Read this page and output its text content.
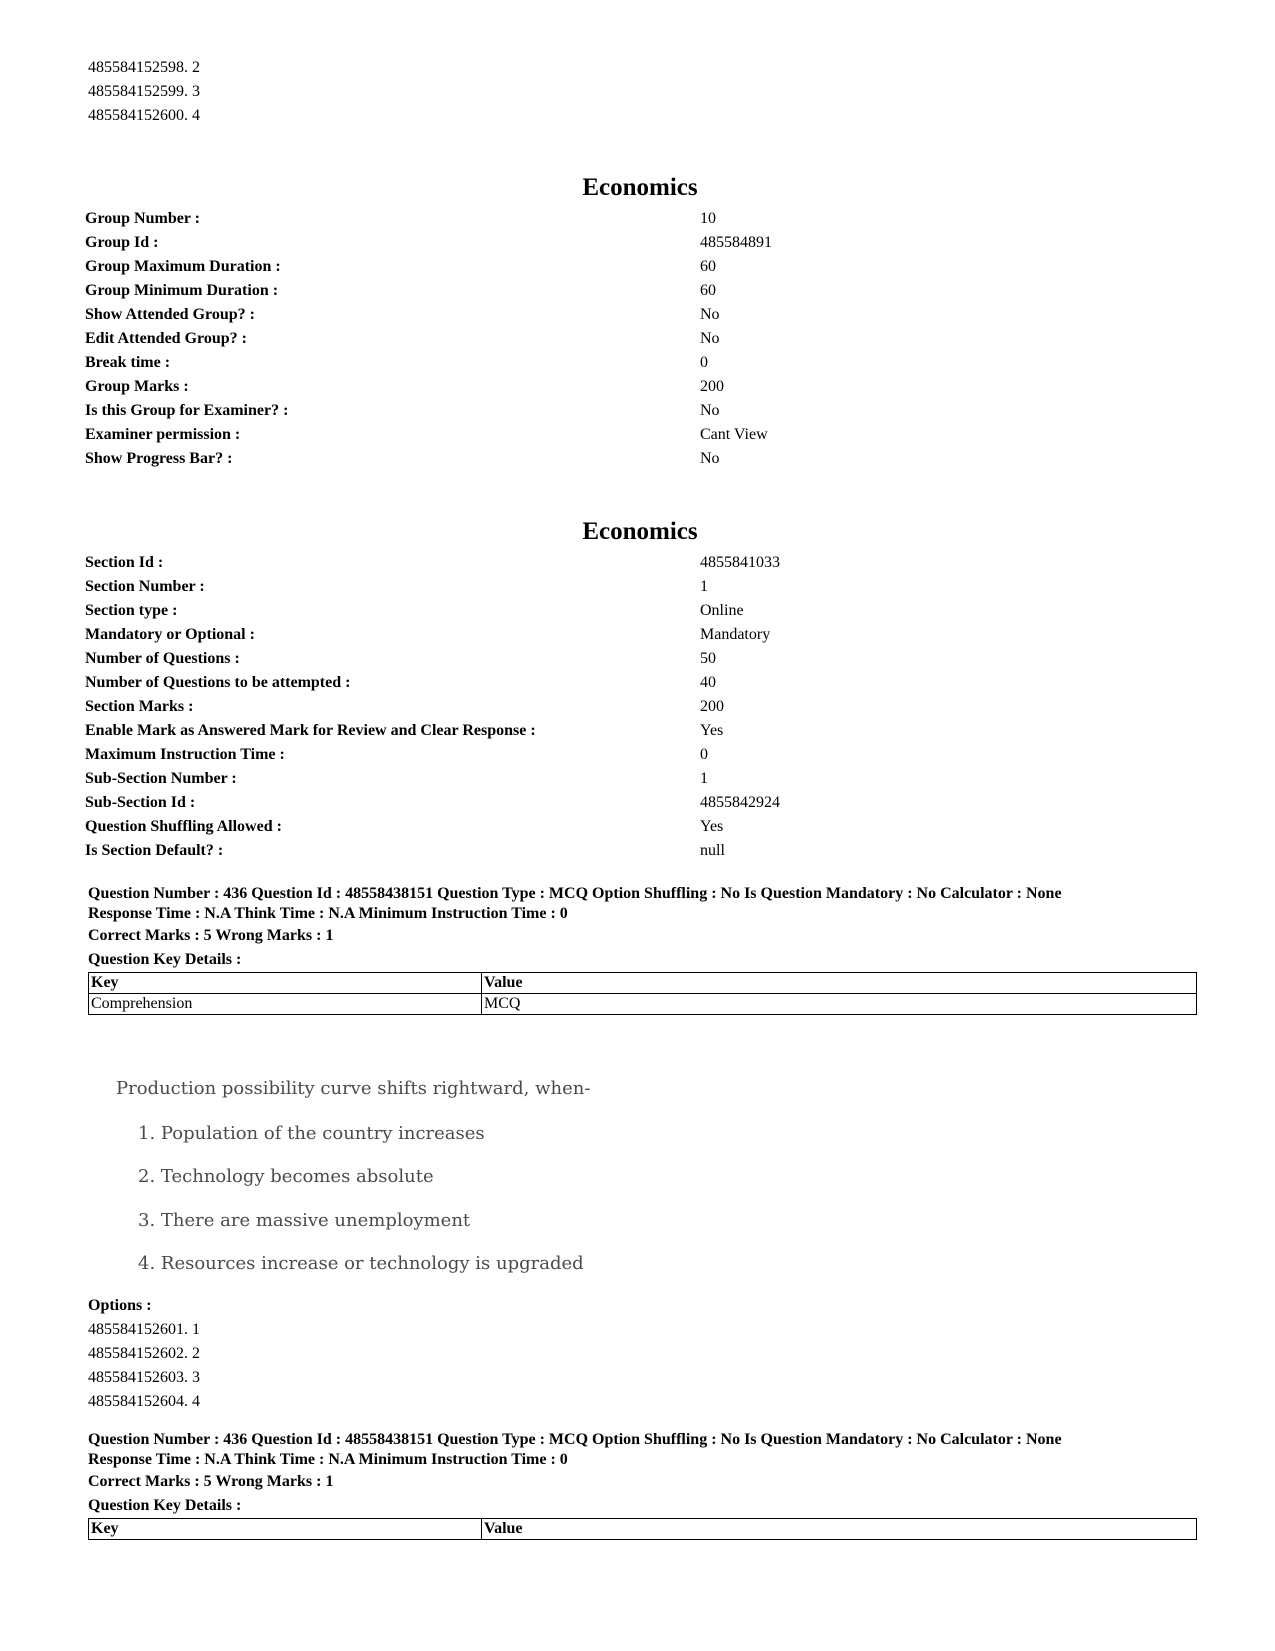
485584152598. 2
485584152599. 3
485584152600. 4
Economics
Group Number :	10
Group Id :	485584891
Group Maximum Duration :	60
Group Minimum Duration :	60
Show Attended Group? :	No
Edit Attended Group? :	No
Break time :	0
Group Marks :	200
Is this Group for Examiner? :	No
Examiner permission :	Cant View
Show Progress Bar? :	No
Economics
Section Id :	4855841033
Section Number :	1
Section type :	Online
Mandatory or Optional :	Mandatory
Number of Questions :	50
Number of Questions to be attempted :	40
Section Marks :	200
Enable Mark as Answered Mark for Review and Clear Response :	Yes
Maximum Instruction Time :	0
Sub-Section Number :	1
Sub-Section Id :	4855842924
Question Shuffling Allowed :	Yes
Is Section Default? :	null
Question Number : 436 Question Id : 48558438151 Question Type : MCQ Option Shuffling : No Is Question Mandatory : No Calculator : None
Response Time : N.A Think Time : N.A Minimum Instruction Time : 0
Correct Marks : 5 Wrong Marks : 1
Question Key Details :
Key	Value
Comprehension	MCQ
Production possibility curve shifts rightward, when-
1. Population of the country increases
2. Technology becomes absolute
3. There are massive unemployment
4. Resources increase or technology is upgraded
Options :
485584152601. 1
485584152602. 2
485584152603. 3
485584152604. 4
Question Number : 436 Question Id : 48558438151 Question Type : MCQ Option Shuffling : No Is Question Mandatory : No Calculator : None
Response Time : N.A Think Time : N.A Minimum Instruction Time : 0
Correct Marks : 5 Wrong Marks : 1
Question Key Details :
Key	Value
